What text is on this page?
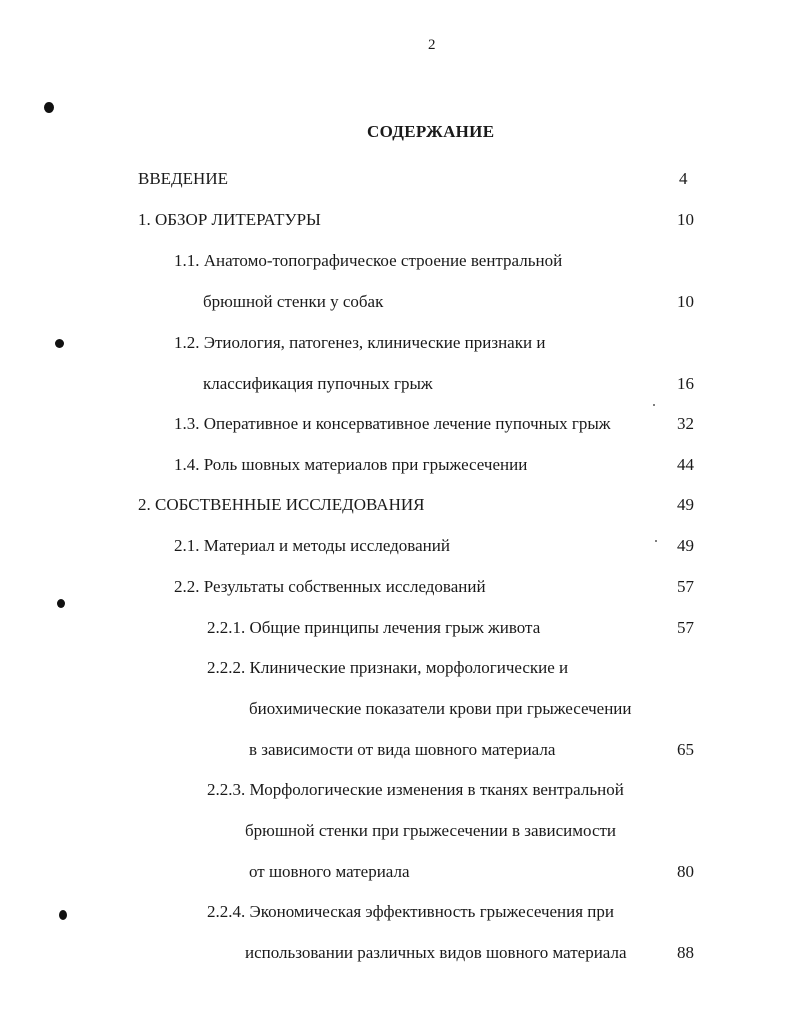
2
СОДЕРЖАНИЕ
ВВЕДЕНИЕ	4
1. ОБЗОР ЛИТЕРАТУРЫ	10
1.1. Анатомо-топографическое строение вентральной
брюшной стенки у собак	10
1.2. Этиология, патогенез, клинические признаки и
классификация пупочных грыж	16
1.3. Оперативное и консервативное лечение пупочных грыж	32
1.4. Роль шовных материалов при грыжесечении	44
2. СОБСТВЕННЫЕ ИССЛЕДОВАНИЯ	49
2.1. Материал и методы исследований	49
2.2. Результаты собственных исследований	57
2.2.1. Общие принципы лечения грыж живота	57
2.2.2. Клинические признаки, морфологические и
биохимические показатели крови при грыжесечении
в зависимости от вида шовного материала	65
2.2.3. Морфологические изменения в тканях вентральной
брюшной стенки при грыжесечении в зависимости
от шовного материала	80
2.2.4. Экономическая эффективность грыжесечения при
использовании различных видов шовного материала	88
